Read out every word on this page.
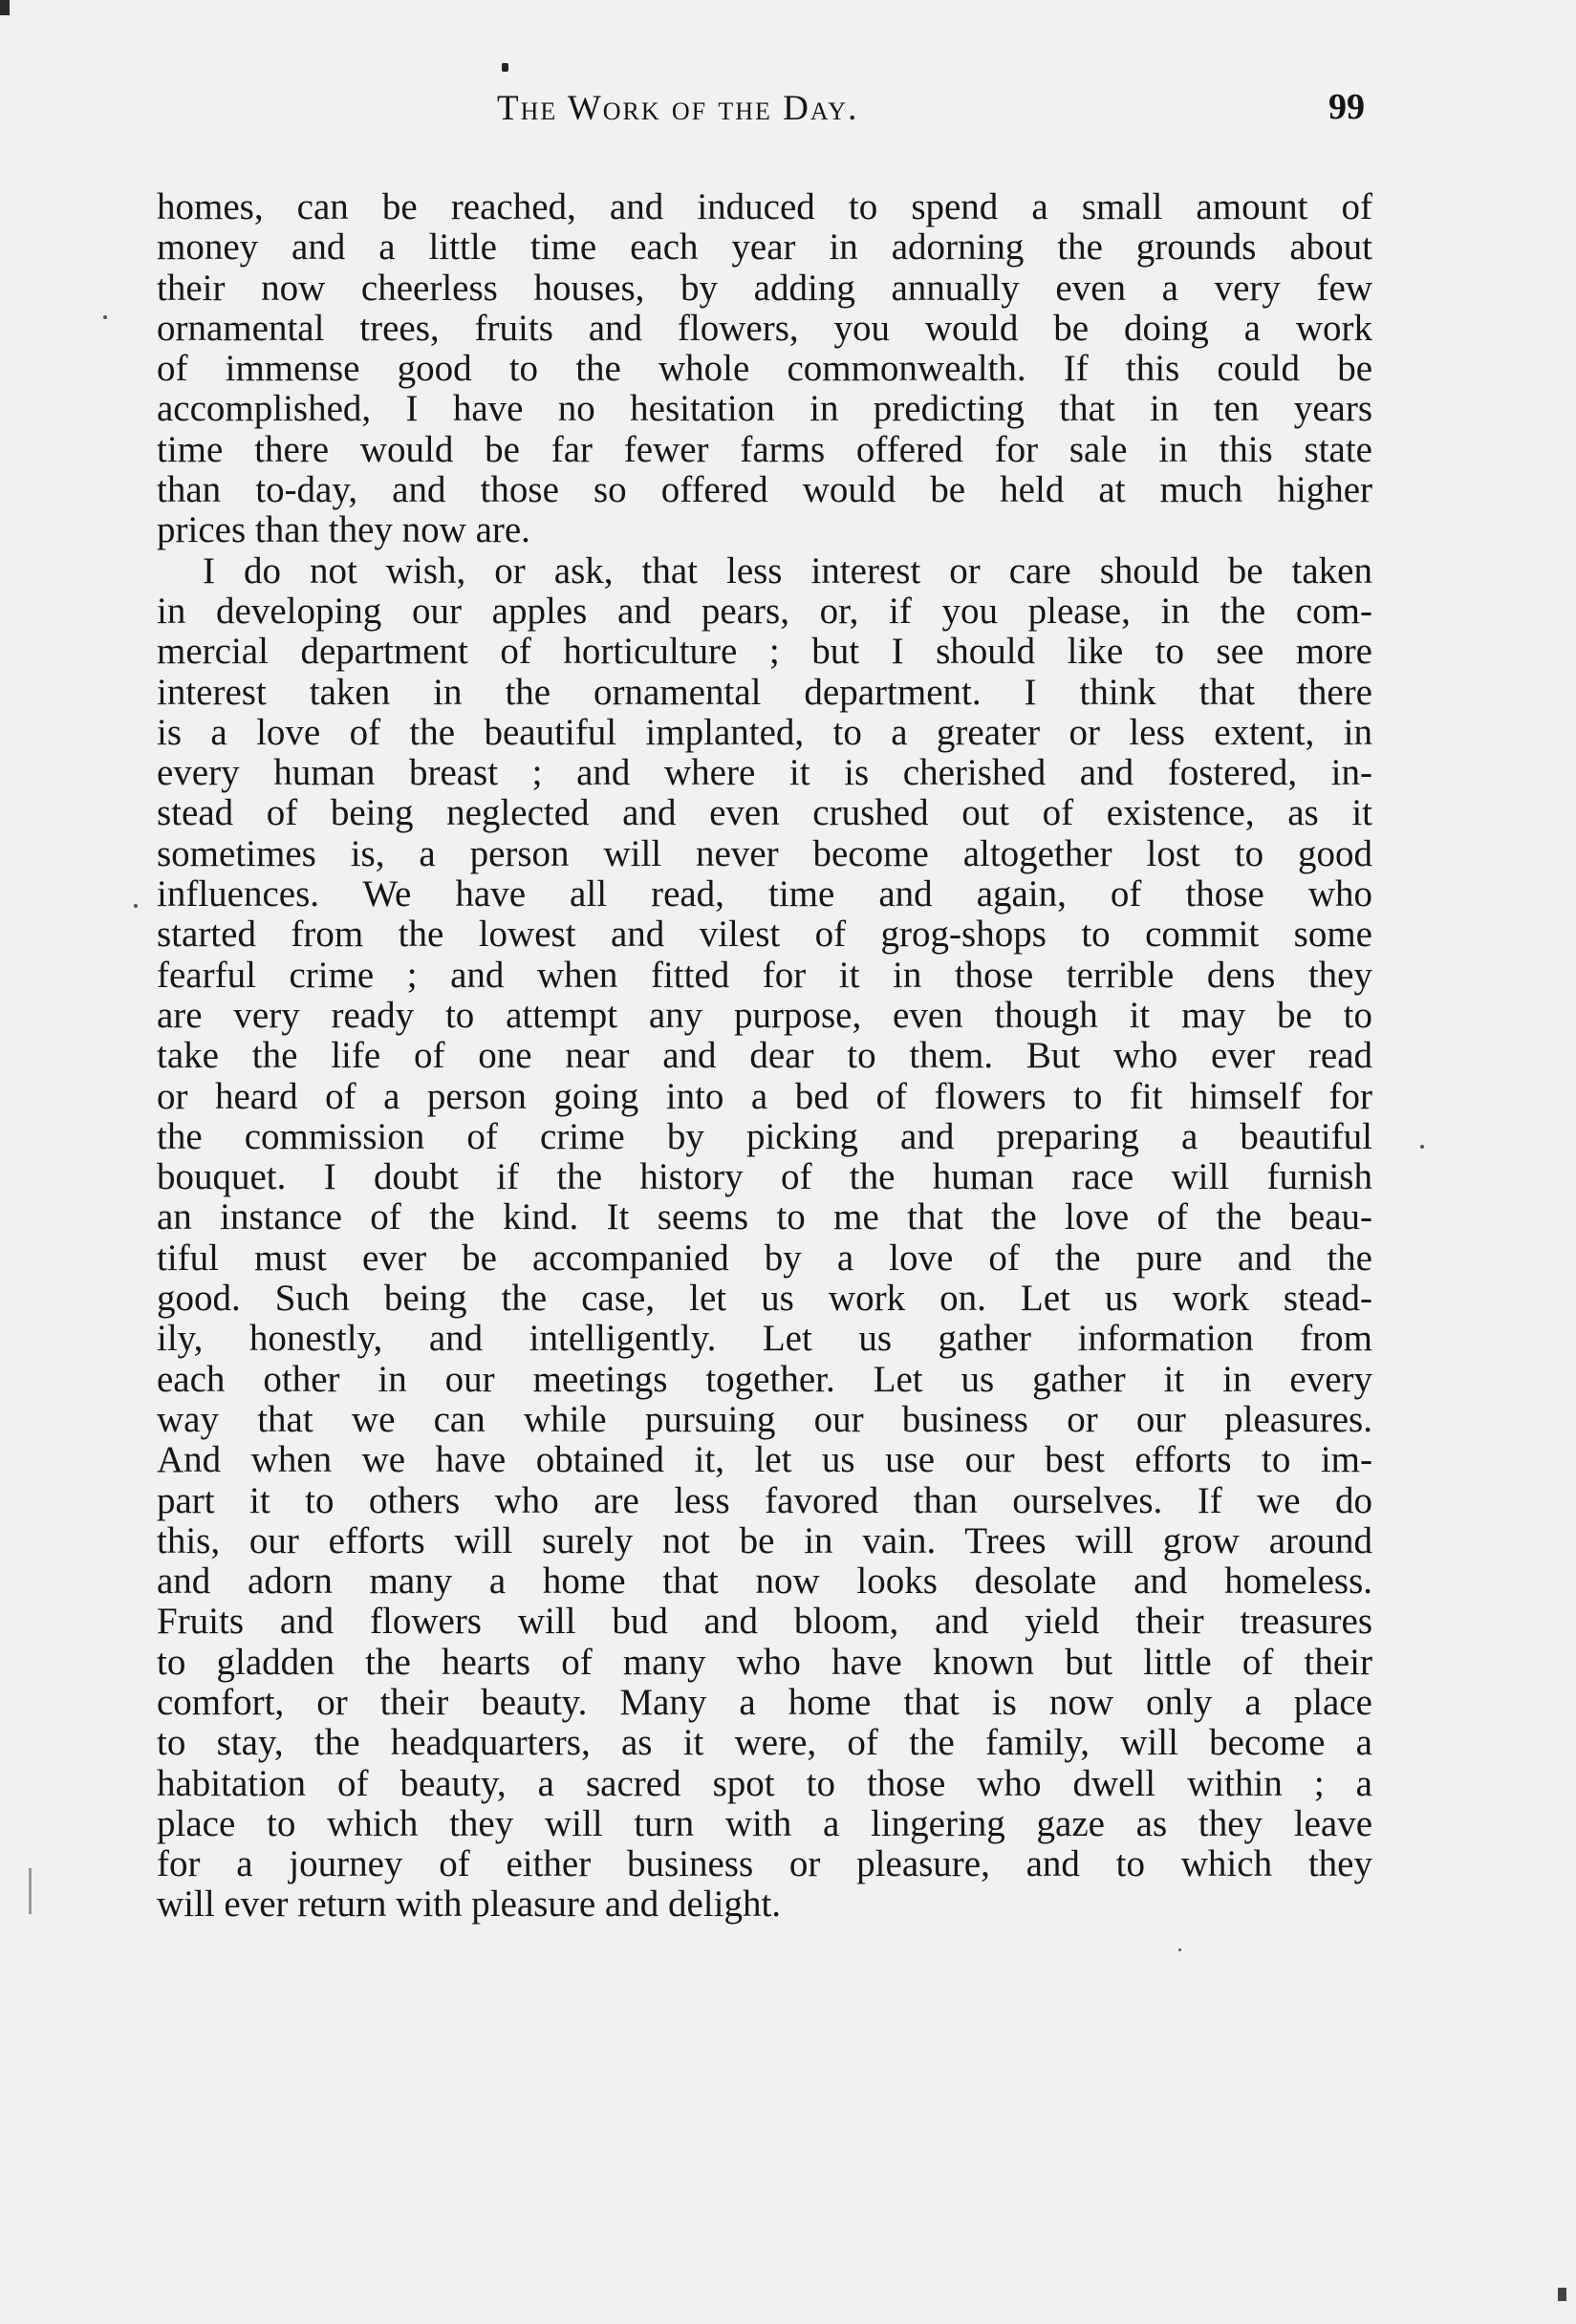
The Work of the Day.	99
homes, can be reached, and induced to spend a small amount of
money and a little time each year in adorning the grounds about
their now cheerless houses, by adding annually even a very few
ornamental trees, fruits and flowers, you would be doing a work
of immense good to the whole commonwealth. If this could be
accomplished, I have no hesitation in predicting that in ten years
time there would be far fewer farms offered for sale in this state
than to-day, and those so offered would be held at much higher
prices than they now are.
I do not wish, or ask, that less interest or care should be taken
in developing our apples and pears, or, if you please, in the com-
mercial department of horticulture ; but I should like to see more
interest taken in the ornamental department. I think that there
is a love of the beautiful implanted, to a greater or less extent, in
every human breast ; and where it is cherished and fostered, in-
stead of being neglected and even crushed out of existence, as it
sometimes is, a person will never become altogether lost to good
influences. We have all read, time and again, of those who
started from the lowest and vilest of grog-shops to commit some
fearful crime ; and when fitted for it in those terrible dens they
are very ready to attempt any purpose, even though it may be to
take the life of one near and dear to them. But who ever read
or heard of a person going into a bed of flowers to fit himself for
the commission of crime by picking and preparing a beautiful
bouquet. I doubt if the history of the human race will furnish
an instance of the kind. It seems to me that the love of the beau-
tiful must ever be accompanied by a love of the pure and the
good. Such being the case, let us work on. Let us work stead-
ily, honestly, and intelligently. Let us gather information from
each other in our meetings together. Let us gather it in every
way that we can while pursuing our business or our pleasures.
And when we have obtained it, let us use our best efforts to im-
part it to others who are less favored than ourselves. If we do
this, our efforts will surely not be in vain. Trees will grow around
and adorn many a home that now looks desolate and homeless.
Fruits and flowers will bud and bloom, and yield their treasures
to gladden the hearts of many who have known but little of their
comfort, or their beauty. Many a home that is now only a place
to stay, the headquarters, as it were, of the family, will become a
habitation of beauty, a sacred spot to those who dwell within ; a
place to which they will turn with a lingering gaze as they leave
for a journey of either business or pleasure, and to which they
will ever return with pleasure and delight.
